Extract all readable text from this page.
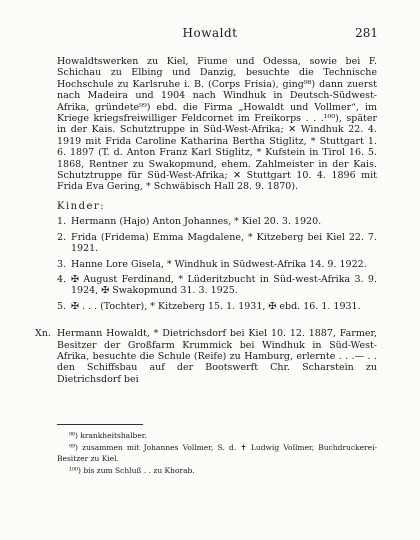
Howaldt	281

Howaldtswerken zu Kiel, Fiume und Odessa, sowie bei F. Schichau zu Elbing und Danzig, besuchte die Technische Hochschule zu Karlsruhe i. B. (Corps Frisia), ging⁹⁸) dann zuerst nach Madeira und 1904 nach Windhuk in Deutsch-Südwest-Afrika, gründete⁹⁹) ebd. die Firma „Howaldt und Vollmer“, im Kriege kriegsfreiwilliger Feldcornet im Freikorps . . .¹⁰⁰), später in der Kais. Schutztruppe in Süd-West-Afrika; ✕ Windhuk 22. 4. 1919 mit Frida Caroline Katharina Bertha Stiglitz, * Stuttgart 1. 6. 1897 (T. d. Anton Franz Karl Stiglitz, * Kufstein in Tirol 16. 5. 1868, Rentner zu Swakopmund, ehem. Zahlmeister in der Kais. Schutztruppe für Süd-West-Afrika; ✕ Stuttgart 10. 4. 1896 mit Frida Eva Gering, * Schwäbisch Hall 28. 9. 1870).

Kinder:
1. Hermann (Hajo) Anton Johannes, * Kiel 20. 3. 1920.
2. Frida (Fridema) Emma Magdalene, * Kitzeberg bei Kiel 22. 7. 1921.
3. Hanne Lore Gisela, * Windhuk in Südwest-Afrika 14. 9. 1922.
4. ✠ August Ferdinand, * Lüderitzbucht in Süd-west-Afrika 3. 9. 1924, ✠ Swakopmund 31. 3. 1925.
5. ✠ . . . (Tochter), * Kitzeberg 15. 1. 1931, ✠ ebd. 16. 1. 1931.
Xn. Hermann Howaldt, * Dietrichsdorf bei Kiel 10. 12. 1887, Farmer, Besitzer der Großfarm Krummick bei Windhuk in Süd-West-Afrika, besuchte die Schule (Reife) zu Hamburg, erlernte . . .— . . den Schiffsbau auf der Bootswerft Chr. Scharstein zu Dietrichsdorf bei

⁹⁸) krankheitshalber.

⁹⁹) zusammen mit Johannes Vollmer, S. d. ✝ Ludwig Vollmer, Buchdruckerei-Besitzer zu Kiel.

¹⁰⁰) bis zum Schluß . . zu Khorab.
